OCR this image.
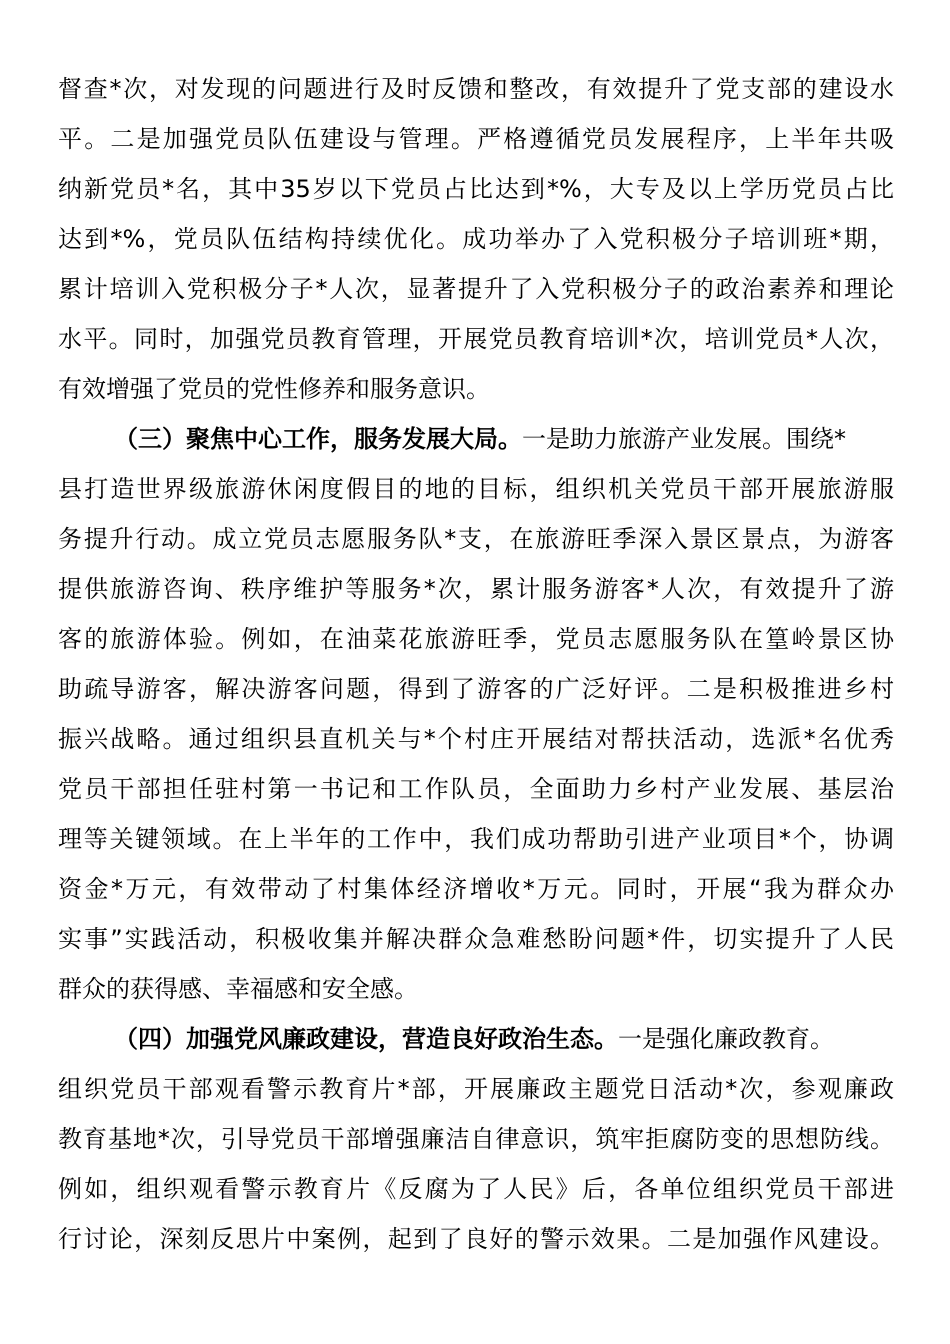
督查*次，对发现的问题进行及时反馈和整改，有效提升了党支部的建设水
平。二是加强党员队伍建设与管理。严格遵循党员发展程序，上半年共吸
纳新党员*名，其中35岁以下党员占比达到*%，大专及以上学历党员占比
达到*%，党员队伍结构持续优化。成功举办了入党积极分子培训班*期，
累计培训入党积极分子*人次，显著提升了入党积极分子的政治素养和理论
水平。同时，加强党员教育管理，开展党员教育培训*次，培训党员*人次，
有效增强了党员的党性修养和服务意识。
（三）聚焦中心工作，服务发展大局。一是助力旅游产业发展。围绕*
县打造世界级旅游休闲度假目的地的目标，组织机关党员干部开展旅游服
务提升行动。成立党员志愿服务队*支，在旅游旺季深入景区景点，为游客
提供旅游咨询、秩序维护等服务*次，累计服务游客*人次，有效提升了游
客的旅游体验。例如，在油菜花旅游旺季，党员志愿服务队在篁岭景区协
助疏导游客，解决游客问题，得到了游客的广泛好评。二是积极推进乡村
振兴战略。通过组织县直机关与*个村庄开展结对帮扶活动，选派*名优秀
党员干部担任驻村第一书记和工作队员，全面助力乡村产业发展、基层治
理等关键领域。在上半年的工作中，我们成功帮助引进产业项目*个，协调
资金*万元，有效带动了村集体经济增收*万元。同时，开展“我为群众办
实事”实践活动，积极收集并解决群众急难愁盼问题*件，切实提升了人民
群众的获得感、幸福感和安全感。
（四）加强党风廉政建设，营造良好政治生态。一是强化廉政教育。
组织党员干部观看警示教育片*部，开展廉政主题党日活动*次，参观廉政
教育基地*次，引导党员干部增强廉洁自律意识，筑牢拒腐防变的思想防线。
例如，组织观看警示教育片《反腐为了人民》后，各单位组织党员干部进
行讨论，深刻反思片中案例，起到了良好的警示效果。二是加强作风建设。
